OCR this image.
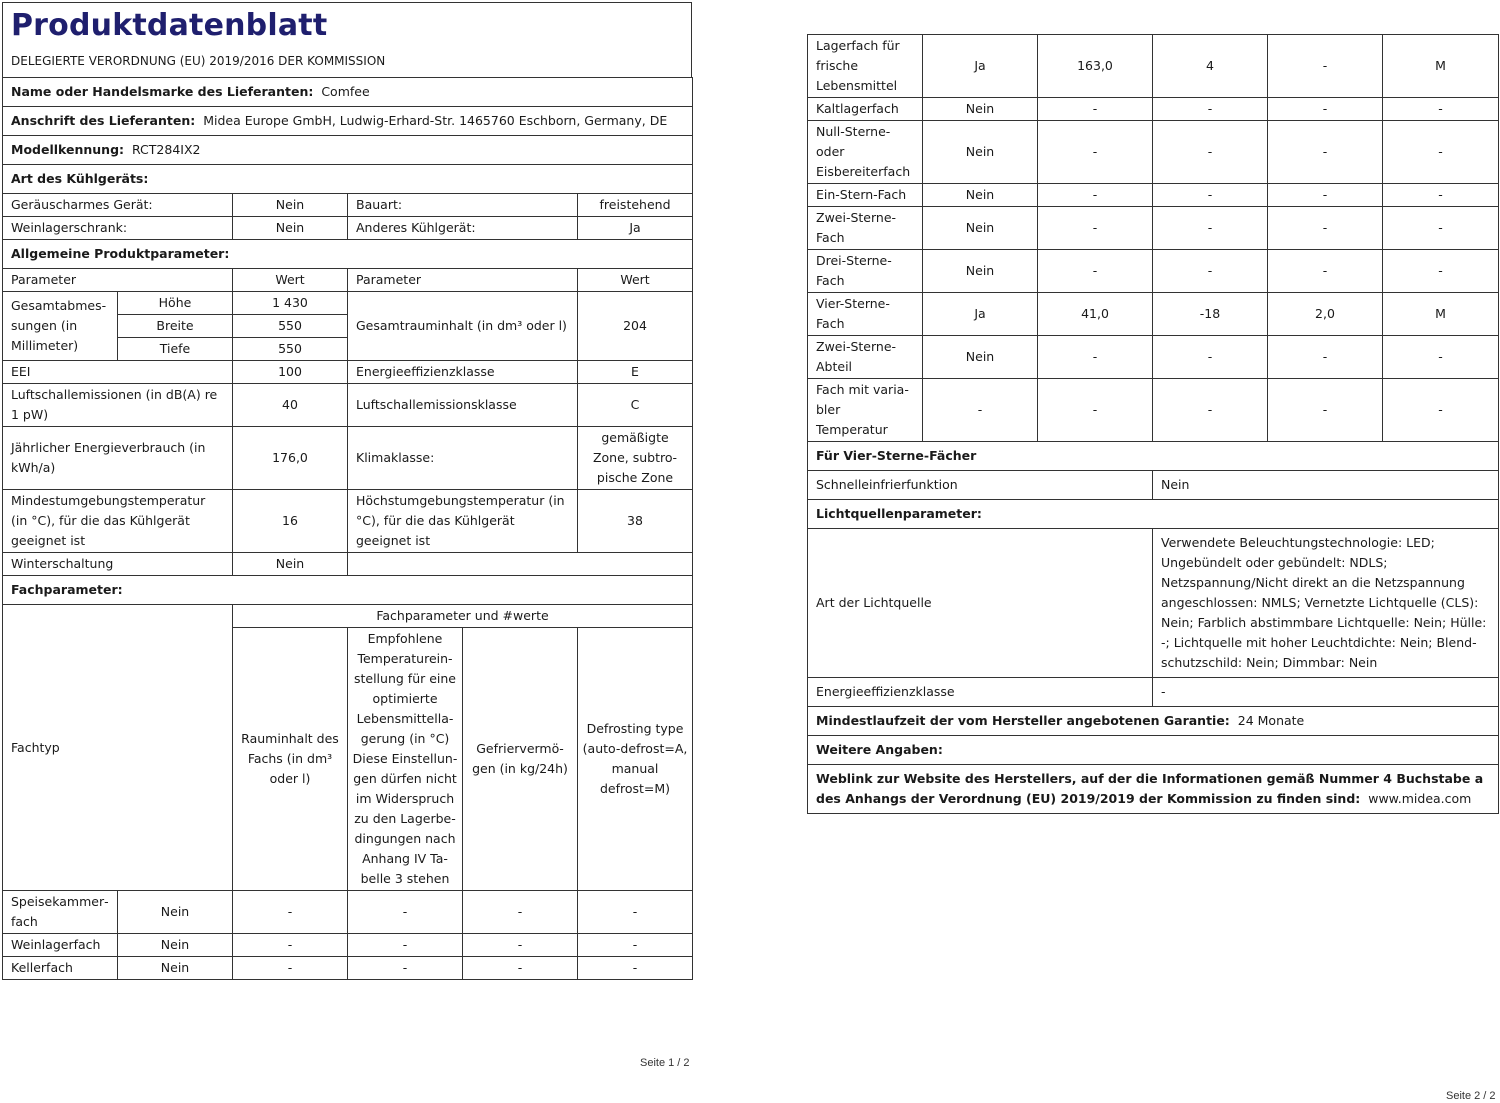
Produktdatenblatt
DELEGIERTE VERORDNUNG (EU) 2019/2016 DER KOMMISSION
Name oder Handelsmarke des Lieferanten: Comfee					
Anschrift des Lieferanten: Midea Europe GmbH, Ludwig-Erhard-Str. 1465760 Eschborn, Germany, DE					
Modellkennung: RCT284IX2					
Art des Kühlgeräts:					
Geräuscharmes Gerät:		Nein	Bauart:		freistehend
Weinlagerschrank:		Nein	Anderes Kühlgerät:		Ja
Allgemeine Produktparameter:					
Parameter		Wert	Parameter		Wert
Gesamtabmessungen (in Millimeter)	Höhe	1 430	Gesamtrauminhalt (in dm³ oder l)		204
	Breite	550			
	Tiefe	550			
EEI		100	Energieeffizienzklasse		E
Luftschallemissionen (in dB(A) re 1 pW)		40	Luftschallemissionsklasse		C
Jährlicher Energieverbrauch (in kWh/a)		176,0	Klimaklasse:		gemäßigte Zone, subtropische Zone
Mindestumgebungstemperatur (in °C), für die das Kühlgerät geeignet ist		16	Höchstumgebungstemperatur (in °C), für die das Kühlgerät geeignet ist		38
Winterschaltung		Nein			
Fachparameter:					
Fachtyp		Fachparameter und #werte			
		Rauminhalt des Fachs (in dm³ oder l)	Empfohlene Temperatureinstellung für eine optimierte Lebensmittellagerung (in °C) Diese Einstellungen dürfen nicht im Widerspruch zu den Lagerbedingungen nach Anhang IV Tabelle 3 stehen	Gefriervermögen (in kg/24h)	Defrosting type (auto-defrost=A, manual defrost=M)
Speisekammerfach	Nein	-	-	-	-
Weinlagerfach	Nein	-	-	-	-
Kellerfach	Nein	-	-	-	-
Seite 1 / 2
Lagerfach für frische Lebensmittel	Ja	163,0	4	-	M
Kaltlagerfach	Nein	-	-	-	-
Null-Sterne- oder Eisbereiterfach	Nein	-	-	-	-
Ein-Stern-Fach	Nein	-	-	-	-
Zwei-Sterne-Fach	Nein	-	-	-	-
Drei-Sterne-Fach	Nein	-	-	-	-
Vier-Sterne-Fach	Ja	41,0	-18	2,0	M
Zwei-Sterne-Abteil	Nein	-	-	-	-
Fach mit variabler Temperatur	-	-	-	-	-
Für Vier-Sterne-Fächer					
Schnelleinfrierfunktion			Nein		
Lichtquellenparameter:					
Art der Lichtquelle			Verwendete Beleuchtungstechnologie: LED; Ungebündelt oder gebündelt: NDLS; Netzspannung/Nicht direkt an die Netzspannung angeschlossen: NMLS; Vernetzte Lichtquelle (CLS): Nein; Farblich abstimmbare Lichtquelle: Nein; Hülle: -; Lichtquelle mit hoher Leuchtdichte: Nein; Blendschutzschild: Nein; Dimmbar: Nein		
Energieeffizienzklasse			-		
Mindestlaufzeit der vom Hersteller angebotenen Garantie: 24 Monate					
Weitere Angaben:					
Weblink zur Website des Herstellers, auf der die Informationen gemäß Nummer 4 Buchstabe a des Anhangs der Verordnung (EU) 2019/2019 der Kommission zu finden sind: www.midea.com					
Seite 2 / 2
